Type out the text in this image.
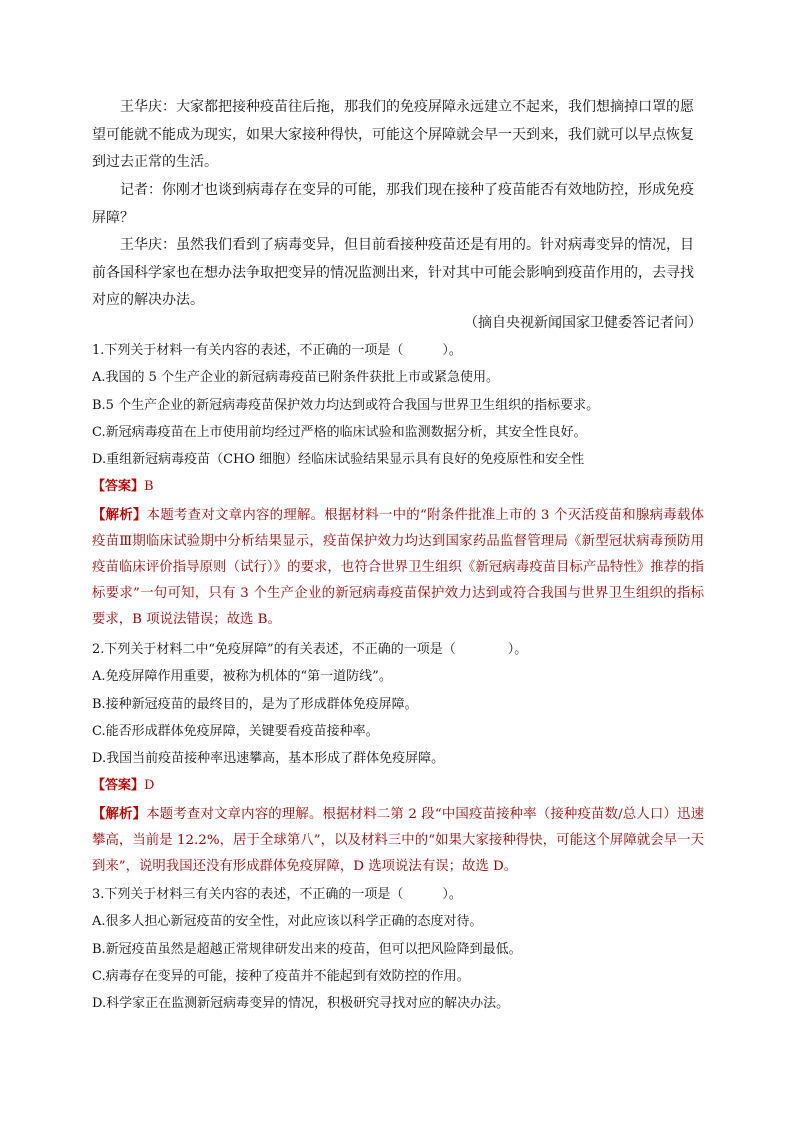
王华庆：大家都把接种疫苗往后拖，那我们的免疫屏障永远建立不起来，我们想摘掉口罩的愿望可能就不能成为现实，如果大家接种得快，可能这个屏障就会早一天到来，我们就可以早点恢复到过去正常的生活。

记者：你刚才也谈到病毒存在变异的可能，那我们现在接种了疫苗能否有效地防控，形成免疫屏障？

王华庆：虽然我们看到了病毒变异，但目前看接种疫苗还是有用的。针对病毒变异的情况，目前各国科学家也在想办法争取把变异的情况监测出来，针对其中可能会影响到疫苗作用的，去寻找对应的解决办法。

（摘自央视新闻国家卫健委答记者问）
1.下列关于材料一有关内容的表述，不正确的一项是（　　　）。
A.我国的 5 个生产企业的新冠病毒疫苗已附条件获批上市或紧急使用。
B.5 个生产企业的新冠病毒疫苗保护效力均达到或符合我国与世界卫生组织的指标要求。
C.新冠病毒疫苗在上市使用前均经过严格的临床试验和监测数据分析，其安全性良好。
D.重组新冠病毒疫苗（CHO 细胞）经临床试验结果显示具有良好的免疫原性和安全性
【答案】B

【解析】本题考查对文章内容的理解。根据材料一中的“附条件批准上市的 3 个灭活疫苗和腺病毒载体疫苗Ⅲ期临床试验期中分析结果显示，疫苗保护效力均达到国家药品监督管理局《新型冠状病毒预防用疫苗临床评价指导原则（试行）》的要求，也符合世界卫生组织《新冠病毒疫苗目标产品特性》推荐的指标要求”一句可知，只有 3 个生产企业的新冠病毒疫苗保护效力达到或符合我国与世界卫生组织的指标要求，B 项说法错误；故选 B。

2.下列关于材料二中“免疫屏障”的有关表述，不正确的一项是（　　　　）。
A.免疫屏障作用重要，被称为机体的“第一道防线”。
B.接种新冠疫苗的最终目的，是为了形成群体免疫屏障。
C.能否形成群体免疫屏障，关键要看疫苗接种率。
D.我国当前疫苗接种率迅速攀高，基本形成了群体免疫屏障。
【答案】D

【解析】本题考查对文章内容的理解。根据材料二第 2 段“中国疫苗接种率（接种疫苗数/总人口）迅速攀高，当前是 12.2%，居于全球第八”，以及材料三中的“如果大家接种得快，可能这个屏障就会早一天到来”，说明我国还没有形成群体免疫屏障，D 选项说法有误；故选 D。

3.下列关于材料三有关内容的表述，不正确的一项是（　　　）。
A.很多人担心新冠疫苗的安全性，对此应该以科学正确的态度对待。
B.新冠疫苗虽然是超越正常规律研发出来的疫苗，但可以把风险降到最低。
C.病毒存在变异的可能，接种了疫苗并不能起到有效防控的作用。
D.科学家正在监测新冠病毒变异的情况，积极研究寻找对应的解决办法。
